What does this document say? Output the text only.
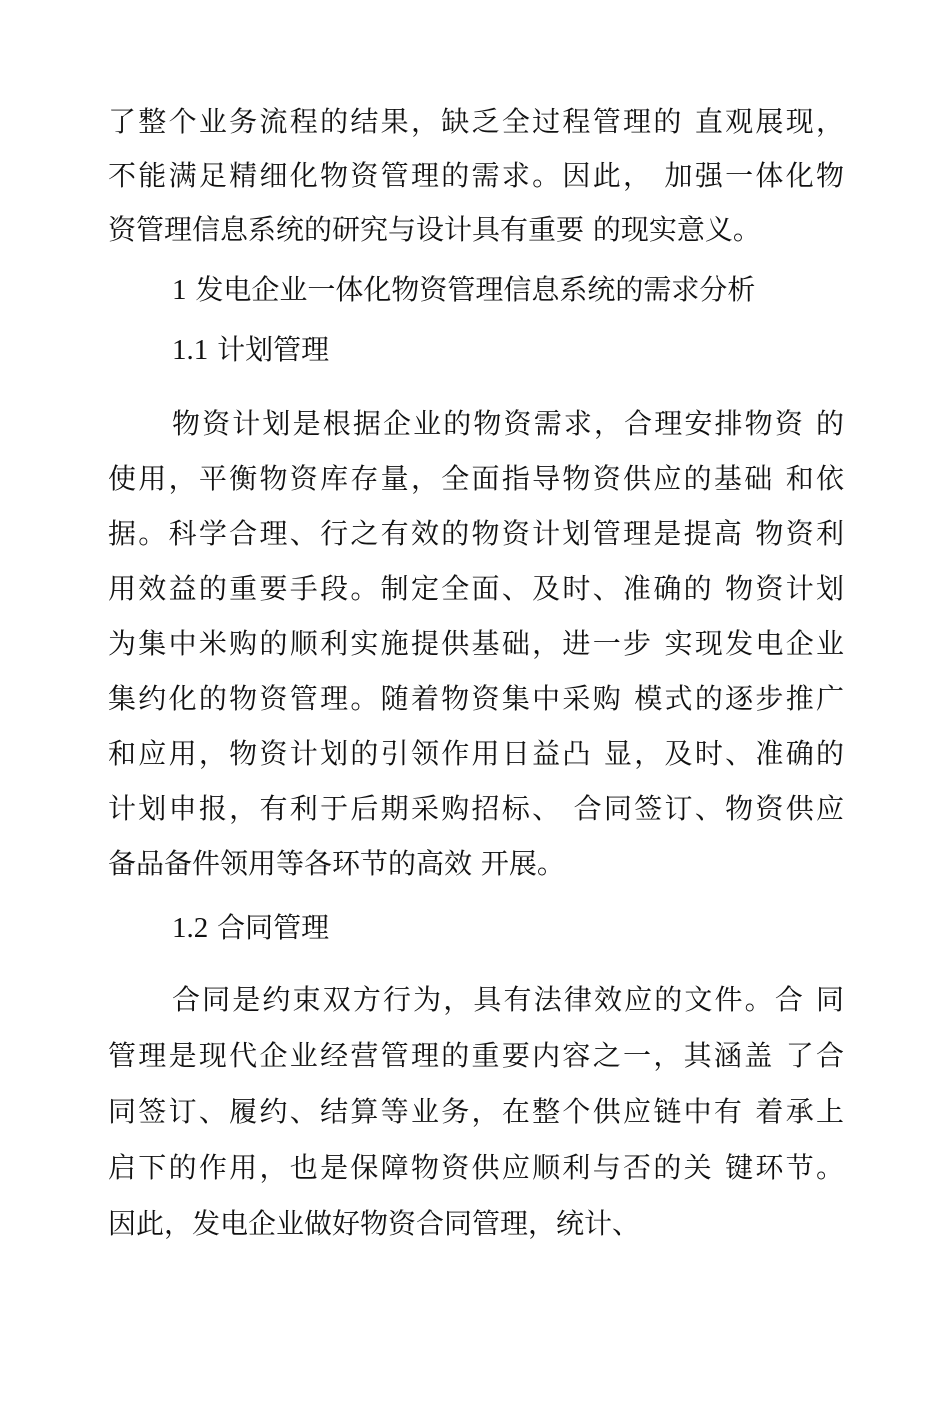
了整个业务流程的结果，缺乏全过程管理的 直观展现，
不能满足精细化物资管理的需求。因此， 加强一体化物
资管理信息系统的研究与设计具有重要 的现实意义。
1 发电企业一体化物资管理信息系统的需求分析
1.1 计划管理
物资计划是根据企业的物资需求，合理安排物资 的
使用，平衡物资库存量，全面指导物资供应的基础 和依
据。科学合理、行之有效的物资计划管理是提高 物资利
用效益的重要手段。制定全面、及时、准确的 物资计划
为集中米购的顺利实施提供基础，进一步 实现发电企业
集约化的物资管理。随着物资集中采购 模式的逐步推广
和应用，物资计划的引领作用日益凸 显，及时、准确的
计划申报，有利于后期采购招标、 合同签订、物资供应
备品备件领用等各环节的高效 开展。
1.2 合同管理
合同是约束双方行为，具有法律效应的文件。合 同
管理是现代企业经营管理的重要内容之一，其涵盖 了合
同签订、履约、结算等业务，在整个供应链中有 着承上
启下的作用，也是保障物资供应顺利与否的关 键环节。
因此，发电企业做好物资合同管理，统计、
